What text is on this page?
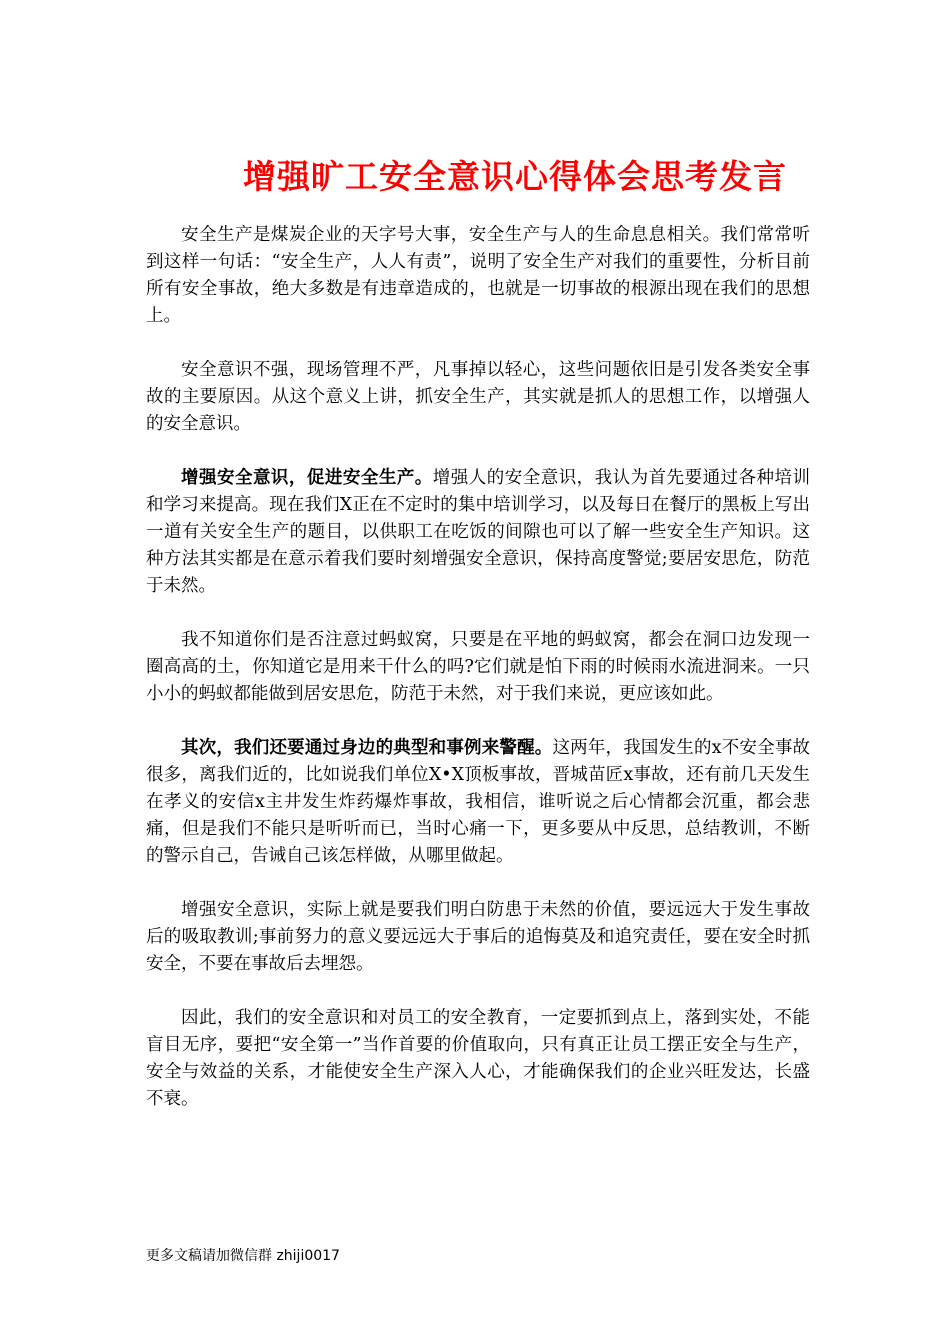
增强旷工安全意识心得体会思考发言

安全生产是煤炭企业的天字号大事，安全生产与人的生命息息相关。我们常常听到这样一句话：“安全生产，人人有责”，说明了安全生产对我们的重要性，分析目前所有安全事故，绝大多数是有违章造成的，也就是一切事故的根源出现在我们的思想上。

安全意识不强，现场管理不严，凡事掉以轻心，这些问题依旧是引发各类安全事故的主要原因。从这个意义上讲，抓安全生产，其实就是抓人的思想工作，以增强人的安全意识。

增强安全意识，促进安全生产。增强人的安全意识，我认为首先要通过各种培训和学习来提高。现在我们X正在不定时的集中培训学习，以及每日在餐厅的黑板上写出一道有关安全生产的题目，以供职工在吃饭的间隙也可以了解一些安全生产知识。这种方法其实都是在意示着我们要时刻增强安全意识，保持高度警觉;要居安思危，防范于未然。

我不知道你们是否注意过蚂蚁窝，只要是在平地的蚂蚁窝，都会在洞口边发现一圈高高的土，你知道它是用来干什么的吗?它们就是怕下雨的时候雨水流进洞来。一只小小的蚂蚁都能做到居安思危，防范于未然，对于我们来说，更应该如此。

其次，我们还要通过身边的典型和事例来警醒。这两年，我国发生的x不安全事故很多，离我们近的，比如说我们单位X•X顶板事故，晋城苗匠x事故，还有前几天发生在孝义的安信x主井发生炸药爆炸事故，我相信，谁听说之后心情都会沉重，都会悲痛，但是我们不能只是听听而已，当时心痛一下，更多要从中反思，总结教训，不断的警示自己，告诫自己该怎样做，从哪里做起。

增强安全意识，实际上就是要我们明白防患于未然的价值，要远远大于发生事故后的吸取教训;事前努力的意义要远远大于事后的追悔莫及和追究责任，要在安全时抓安全，不要在事故后去埋怨。

因此，我们的安全意识和对员工的安全教育，一定要抓到点上，落到实处，不能盲目无序，要把“安全第一”当作首要的价值取向，只有真正让员工摆正安全与生产，安全与效益的关系，才能使安全生产深入人心，才能确保我们的企业兴旺发达，长盛不衰。

更多文稿请加微信群 zhiji0017
